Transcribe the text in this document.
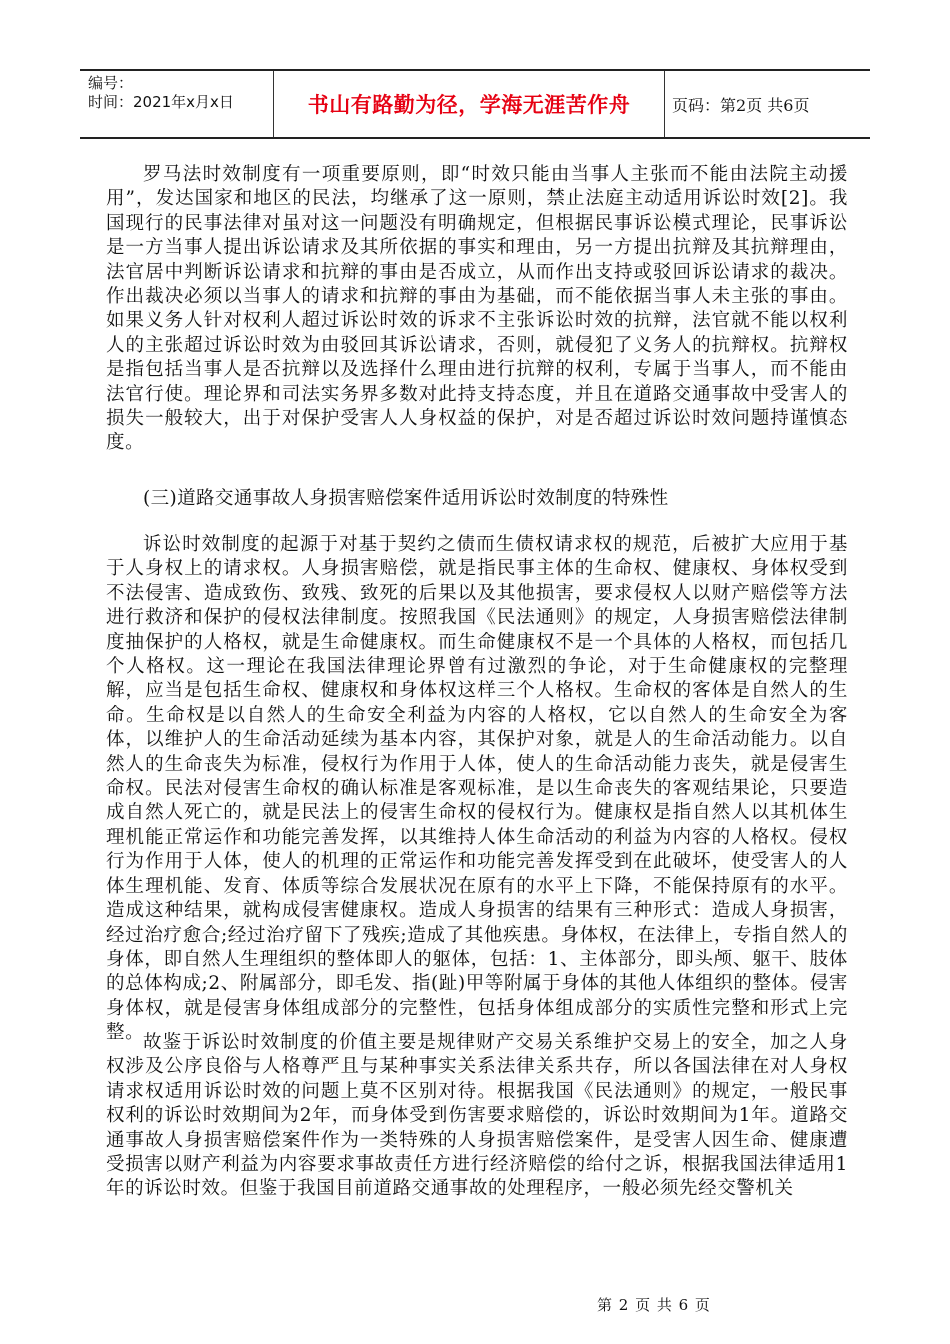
编号：
时间：2021年x月x日	书山有路勤为径，学海无涯苦作舟	页码：第2页 共6页

罗马法时效制度有一项重要原则，即“时效只能由当事人主张而不能由法院主动援用”，发达国家和地区的民法，均继承了这一原则，禁止法庭主动适用诉讼时效[2]。我国现行的民事法律对虽对这一问题没有明确规定，但根据民事诉讼模式理论，民事诉讼是一方当事人提出诉讼请求及其所依据的事实和理由，另一方提出抗辩及其抗辩理由，法官居中判断诉讼请求和抗辩的事由是否成立，从而作出支持或驳回诉讼请求的裁决。作出裁决必须以当事人的请求和抗辩的事由为基础，而不能依据当事人未主张的事由。如果义务人针对权利人超过诉讼时效的诉求不主张诉讼时效的抗辩，法官就不能以权利人的主张超过诉讼时效为由驳回其诉讼请求，否则，就侵犯了义务人的抗辩权。抗辩权是指包括当事人是否抗辩以及选择什么理由进行抗辩的权利，专属于当事人，而不能由法官行使。理论界和司法实务界多数对此持支持态度，并且在道路交通事故中受害人的损失一般较大，出于对保护受害人人身权益的保护，对是否超过诉讼时效问题持谨慎态度。

(三)道路交通事故人身损害赔偿案件适用诉讼时效制度的特殊性

诉讼时效制度的起源于对基于契约之债而生债权请求权的规范，后被扩大应用于基于人身权上的请求权。人身损害赔偿，就是指民事主体的生命权、健康权、身体权受到不法侵害、造成致伤、致残、致死的后果以及其他损害，要求侵权人以财产赔偿等方法进行救济和保护的侵权法律制度。按照我国《民法通则》的规定，人身损害赔偿法律制度抽保护的人格权，就是生命健康权。而生命健康权不是一个具体的人格权，而包括几个人格权。这一理论在我国法律理论界曾有过激烈的争论，对于生命健康权的完整理解，应当是包括生命权、健康权和身体权这样三个人格权。生命权的客体是自然人的生命。生命权是以自然人的生命安全利益为内容的人格权，它以自然人的生命安全为客体，以维护人的生命活动延续为基本内容，其保护对象，就是人的生命活动能力。以自然人的生命丧失为标准，侵权行为作用于人体，使人的生命活动能力丧失，就是侵害生命权。民法对侵害生命权的确认标准是客观标准，是以生命丧失的客观结果论，只要造成自然人死亡的，就是民法上的侵害生命权的侵权行为。健康权是指自然人以其机体生理机能正常运作和功能完善发挥，以其维持人体生命活动的利益为内容的人格权。侵权行为作用于人体，使人的机理的正常运作和功能完善发挥受到在此破坏，使受害人的人体生理机能、发育、体质等综合发展状况在原有的水平上下降，不能保持原有的水平。造成这种结果，就构成侵害健康权。造成人身损害的结果有三种形式：造成人身损害，经过治疗愈合;经过治疗留下了残疾;造成了其他疾患。身体权，在法律上，专指自然人的身体，即自然人生理组织的整体即人的躯体，包括：1、主体部分，即头颅、躯干、肢体的总体构成;2、附属部分，即毛发、指(趾)甲等附属于身体的其他人体组织的整体。侵害身体权，就是侵害身体组成部分的完整性，包括身体组成部分的实质性完整和形式上完整。

故鉴于诉讼时效制度的价值主要是规律财产交易关系维护交易上的安全，加之人身权涉及公序良俗与人格尊严且与某种事实关系法律关系共存，所以各国法律在对人身权请求权适用诉讼时效的问题上莫不区别对待。根据我国《民法通则》的规定，一般民事权利的诉讼时效期间为2年，而身体受到伤害要求赔偿的，诉讼时效期间为1年。道路交通事故人身损害赔偿案件作为一类特殊的人身损害赔偿案件，是受害人因生命、健康遭受损害以财产利益为内容要求事故责任方进行经济赔偿的给付之诉，根据我国法律适用1年的诉讼时效。但鉴于我国目前道路交通事故的处理程序，一般必须先经交警机关

第 2 页 共 6 页
